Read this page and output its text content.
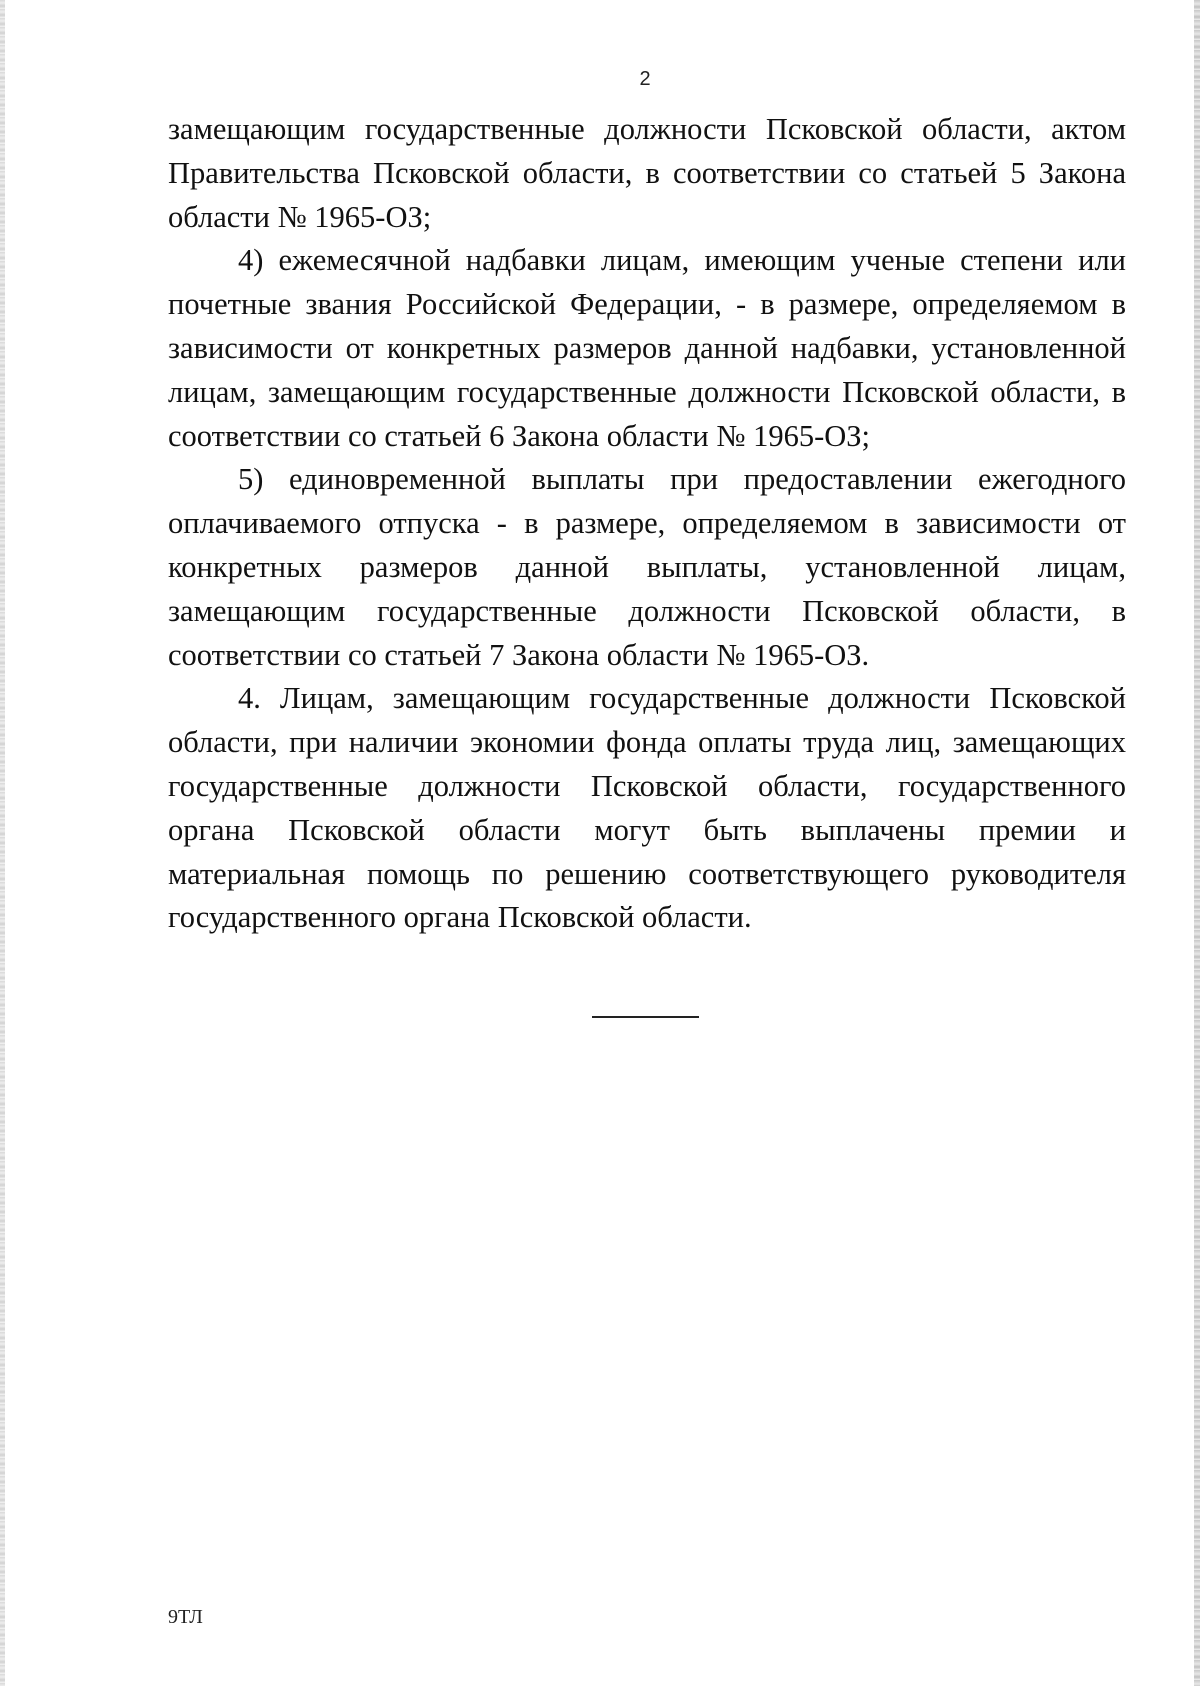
2

замещающим государственные должности Псковской области, актом Правительства Псковской области, в соответствии со статьей 5 Закона области № 1965-ОЗ;

4) ежемесячной надбавки лицам, имеющим ученые степени или почетные звания Российской Федерации, - в размере, определяемом в зависимости от конкретных размеров данной надбавки, установленной лицам, замещающим государственные должности Псковской области, в соответствии со статьей 6 Закона области № 1965-ОЗ;

5) единовременной выплаты при предоставлении ежегодного оплачиваемого отпуска - в размере, определяемом в зависимости от конкретных размеров данной выплаты, установленной лицам, замещающим государственные должности Псковской области, в соответствии со статьей 7 Закона области № 1965-ОЗ.

4. Лицам, замещающим государственные должности Псковской области, при наличии экономии фонда оплаты труда лиц, замещающих государственные должности Псковской области, государственного органа Псковской области могут быть выплачены премии и материальная помощь по решению соответствующего руководителя государственного органа Псковской области.

9ТЛ
